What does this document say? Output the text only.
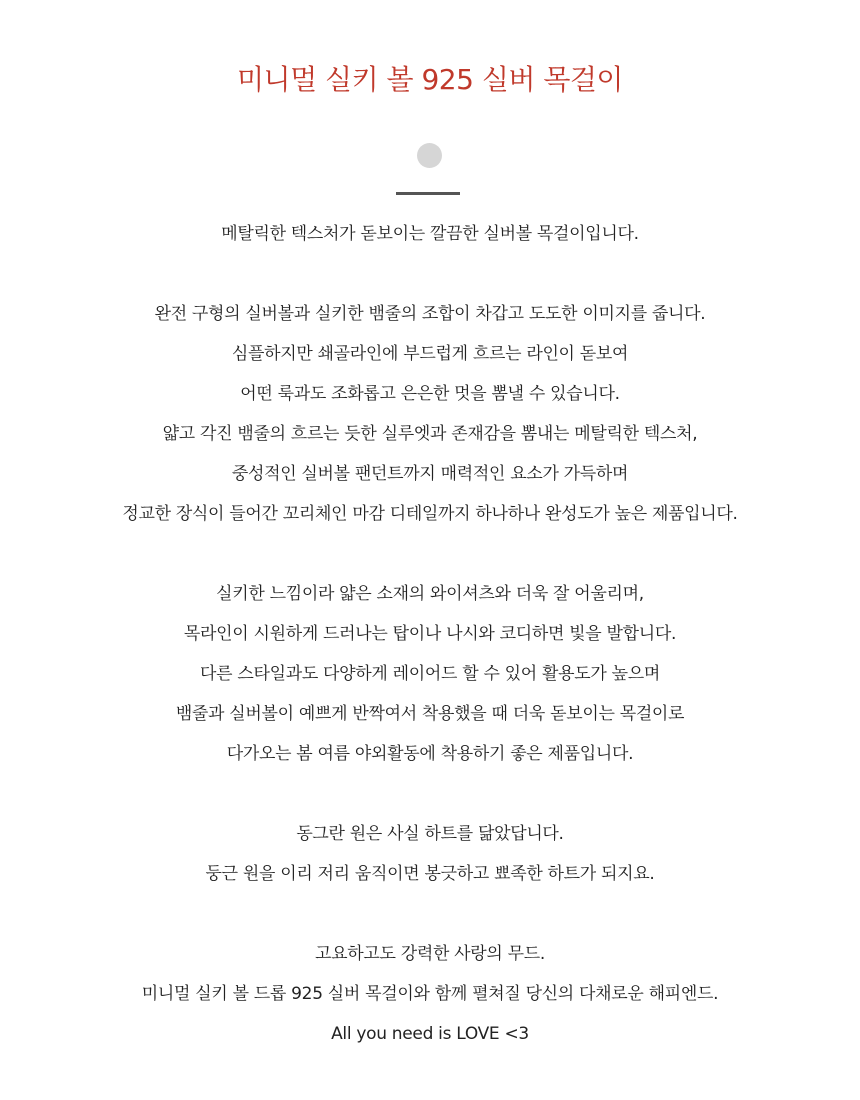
미니멀 실키 볼 925 실버 목걸이
메탈릭한 텍스처가 돋보이는 깔끔한 실버볼 목걸이입니다.
완전 구형의 실버볼과 실키한 뱀줄의 조합이 차갑고 도도한 이미지를 줍니다.
심플하지만 쇄골라인에 부드럽게 흐르는 라인이 돋보여
어떤 룩과도 조화롭고 은은한 멋을 뽐낼 수 있습니다.
얇고 각진 뱀줄의 흐르는 듯한 실루엣과 존재감을 뽐내는 메탈릭한 텍스처,
중성적인 실버볼 팬던트까지 매력적인 요소가 가득하며
정교한 장식이 들어간 꼬리체인 마감 디테일까지 하나하나 완성도가 높은 제품입니다.
실키한 느낌이라 얇은 소재의 와이셔츠와 더욱 잘 어울리며,
목라인이 시원하게 드러나는 탑이나 나시와 코디하면 빛을 발합니다.
다른 스타일과도 다양하게 레이어드 할 수 있어 활용도가 높으며
뱀줄과 실버볼이 예쁘게 반짝여서 착용했을 때 더욱 돋보이는 목걸이로
다가오는 봄 여름 야외활동에 착용하기 좋은 제품입니다.
동그란 원은 사실 하트를 닮았답니다.
둥근 원을 이리 저리 움직이면 봉긋하고 뾰족한 하트가 되지요.
고요하고도 강력한 사랑의 무드.
미니멀 실키 볼 드롭 925 실버 목걸이와 함께 펼쳐질 당신의 다채로운 해피엔드.
All you need is LOVE <3
